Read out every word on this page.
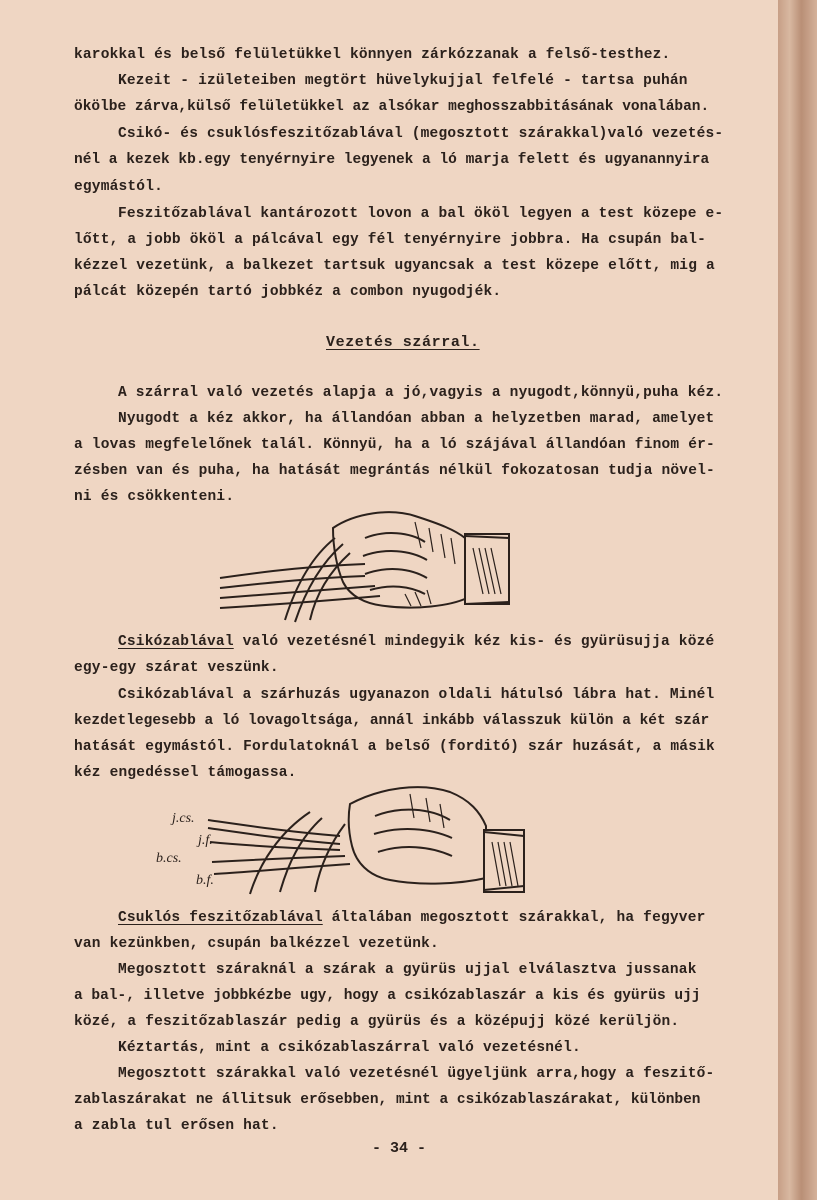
karokkal és belső felületükkel könnyen zárkózzanak a felső-testhez.
Kezeit - izületeiben megtört hüvelykujjal felfelé - tartsa puhán
ökölbe zárva,külső felületükkel az alsókar meghosszabbitásának vonalában.
Csikó- és csuklósfeszitőzablával (megosztott szárakkal)való vezetés-
nél a kezek kb.egy tenyérnyire legyenek a ló marja felett és ugyanannyira
egymástól.
Feszitőzablával kantározott lovon a bal ököl legyen a test közepe e-
lőtt, a jobb ököl a pálcával egy fél tenyérnyire jobbra. Ha csupán bal-
kézzel vezetünk, a balkezet tartsuk ugyancsak a test közepe előtt, mig a
pálcát közepén tartó jobbkéz a combon nyugodjék.
Vezetés szárral.
A szárral való vezetés alapja a jó,vagyis a nyugodt,könnyü,puha kéz.
Nyugodt a kéz akkor, ha állandóan abban a helyzetben marad, amelyet
a lovas megfelelőnek talál. Könnyü, ha a ló szájával állandóan finom ér-
zésben van és puha, ha hatását megrántás nélkül fokozatosan tudja növel-
ni és csökkenteni.
Csikózablával való vezetésnél mindegyik kéz kis- és gyürüsujja közé
egy-egy szárat veszünk.
Csikózablával a szárhuzás ugyanazon oldali hátulsó lábra hat. Minél
kezdetlegesebb a ló lovagoltsága, annál inkább válasszuk külön a két szár
hatását egymástól. Fordulatoknál a belső (forditó) szár huzását, a másik
kéz engedéssel támogassa.
j.cs.
j.f.
b.cs.
b.f.
Csuklós feszitőzablával általában megosztott szárakkal, ha fegyver
van kezünkben, csupán balkézzel vezetünk.
Megosztott száraknál a szárak a gyürüs ujjal elválasztva jussanak
a bal-, illetve jobbkézbe ugy, hogy a csikózablaszár a kis és gyürüs ujj
közé, a feszitőzablaszár pedig a gyürüs és a középujj közé kerüljön.
Kéztartás, mint a csikózablaszárral való vezetésnél.
Megosztott szárakkal való vezetésnél ügyeljünk arra,hogy a feszitő-
zablaszárakat ne állitsuk erősebben, mint a csikózablaszárakat, különben
a zabla tul erősen hat.
- 34 -
